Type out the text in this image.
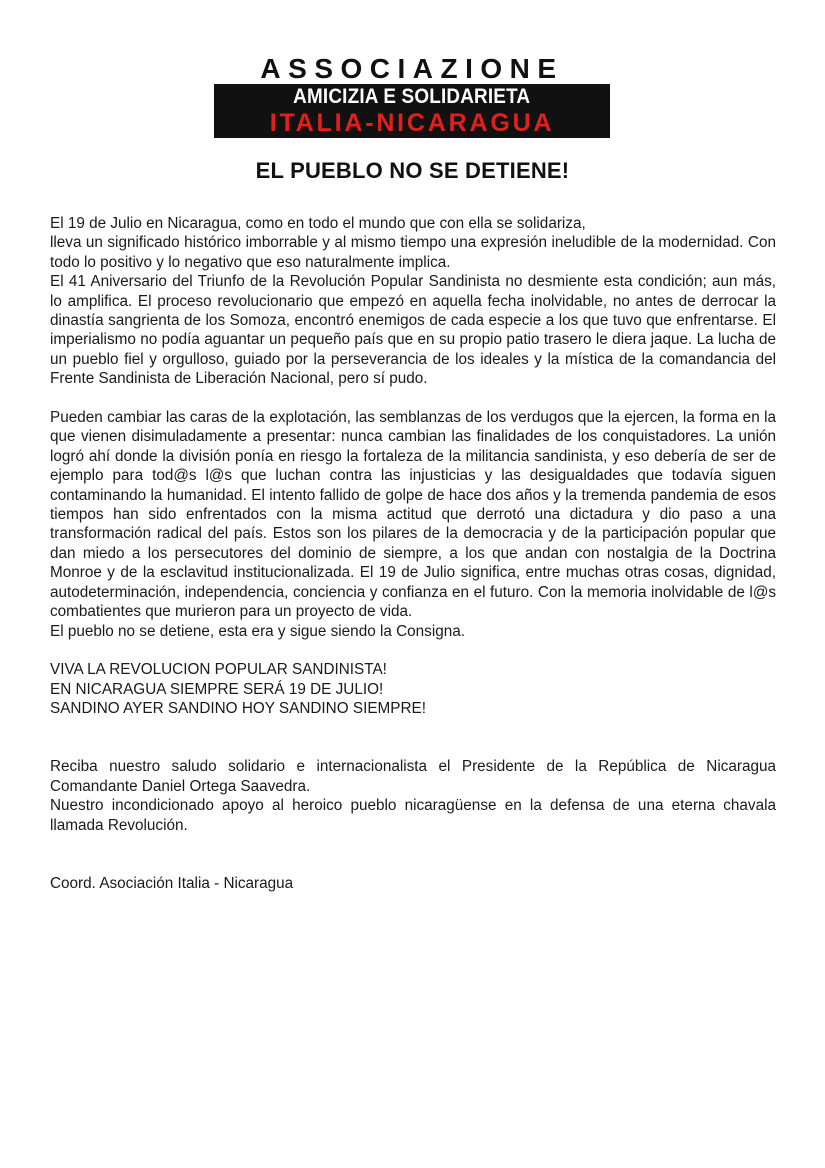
ASSOCIAZIONE
AMICIZIA E SOLIDARIETA
ITALIA-NICARAGUA
EL PUEBLO NO SE DETIENE!

El 19 de Julio en Nicaragua, como en todo el mundo que con ella se solidariza,

lleva un significado histórico imborrable y al mismo tiempo una expresión ineludible de la modernidad. Con todo lo positivo y lo negativo que eso naturalmente implica.

El 41 Aniversario del Triunfo de la Revolución Popular Sandinista no desmiente esta condición; aun más, lo amplifica. El proceso revolucionario que empezó en aquella fecha inolvidable, no antes de derrocar la dinastía sangrienta de los Somoza, encontró enemigos de cada especie a los que tuvo que enfrentarse. El imperialismo no podía aguantar un pequeño país que en su propio patio trasero le diera jaque. La lucha de un pueblo fiel y orgulloso, guiado por la perseverancia de los ideales y la mística de la comandancia del Frente Sandinista de Liberación Nacional, pero sí pudo.

Pueden cambiar las caras de la explotación, las semblanzas de los verdugos que la ejercen, la forma en la que vienen disimuladamente a presentar: nunca cambian las finalidades de los conquistadores. La unión logró ahí donde la división ponía en riesgo la fortaleza de la militancia sandinista, y eso debería de ser de ejemplo para tod@s l@s que luchan contra las injusticias y las desigualdades que todavía siguen contaminando la humanidad. El intento fallido de golpe de hace dos años y la tremenda pandemia de esos tiempos han sido enfrentados con la misma actitud que derrotó una dictadura y dio paso a una transformación radical del país. Estos son los pilares de la democracia y de la participación popular que dan miedo a los persecutores del dominio de siempre, a los que andan con nostalgia de la Doctrina Monroe y de la esclavitud institucionalizada. El 19 de Julio significa, entre muchas otras cosas, dignidad, autodeterminación, independencia, conciencia y confianza en el futuro. Con la memoria inolvidable de l@s combatientes que murieron para un proyecto de vida.

El pueblo no se detiene, esta era y sigue siendo la Consigna.

VIVA LA REVOLUCION POPULAR SANDINISTA!

EN NICARAGUA SIEMPRE SERÁ 19 DE JULIO!

SANDINO AYER SANDINO HOY SANDINO SIEMPRE!

Reciba nuestro saludo solidario e internacionalista el Presidente de la República de Nicaragua Comandante Daniel Ortega Saavedra.

Nuestro incondicionado apoyo al heroico pueblo nicaragüense en la defensa de una eterna chavala llamada Revolución.

Coord. Asociación Italia - Nicaragua
